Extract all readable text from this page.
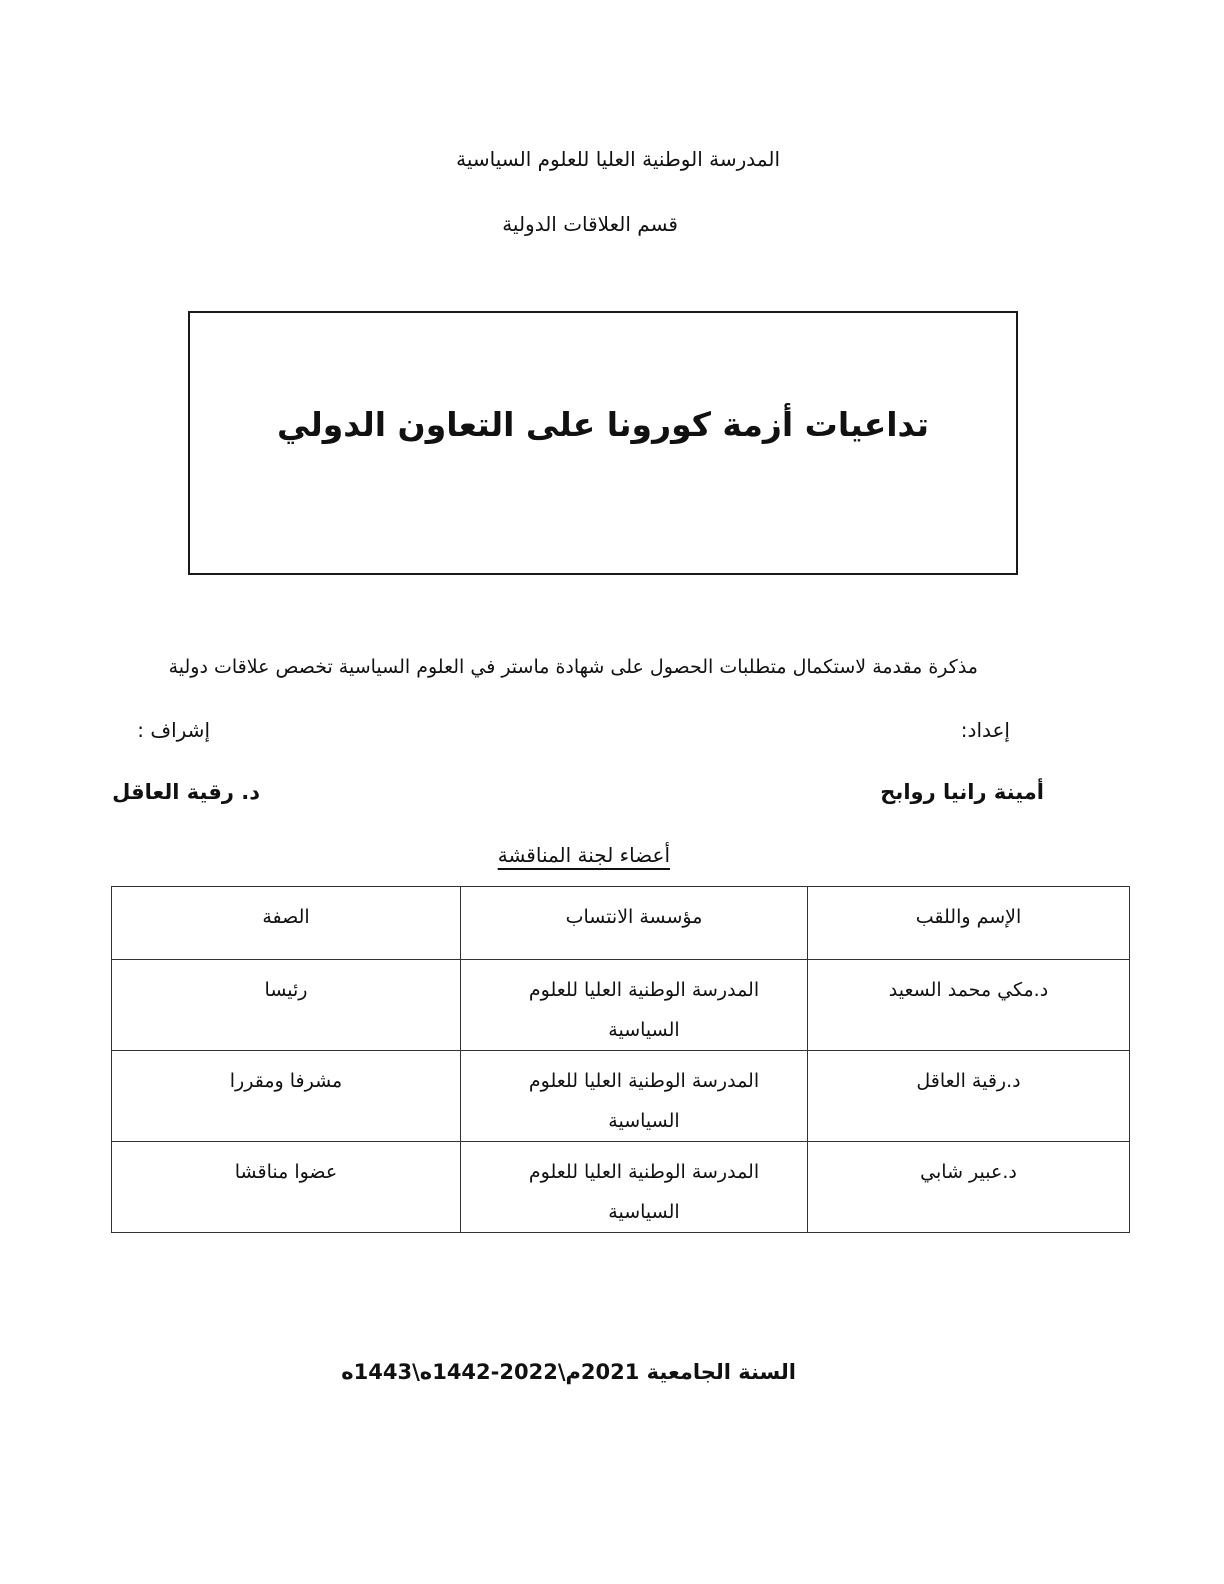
المدرسة الوطنية العليا للعلوم السياسية
قسم العلاقات الدولية
تداعيات أزمة كورونا على التعاون الدولي
مذكرة مقدمة لاستكمال متطلبات الحصول على شهادة ماستر في العلوم السياسية تخصص علاقات دولية
إعداد:
إشراف :
أمينة رانيا روابح
د. رقية العاقل
أعضاء لجنة المناقشة
الإسم واللقب	مؤسسة الانتساب	الصفة
د.مكي محمد السعيد	المدرسة الوطنية العليا للعلوم السياسية	رئيسا
د.رقية العاقل	المدرسة الوطنية العليا للعلوم السياسية	مشرفا ومقررا
د.عبير شابي	المدرسة الوطنية العليا للعلوم السياسية	عضوا مناقشا
السنة الجامعية 2021م\2022-1442ه\1443ه
